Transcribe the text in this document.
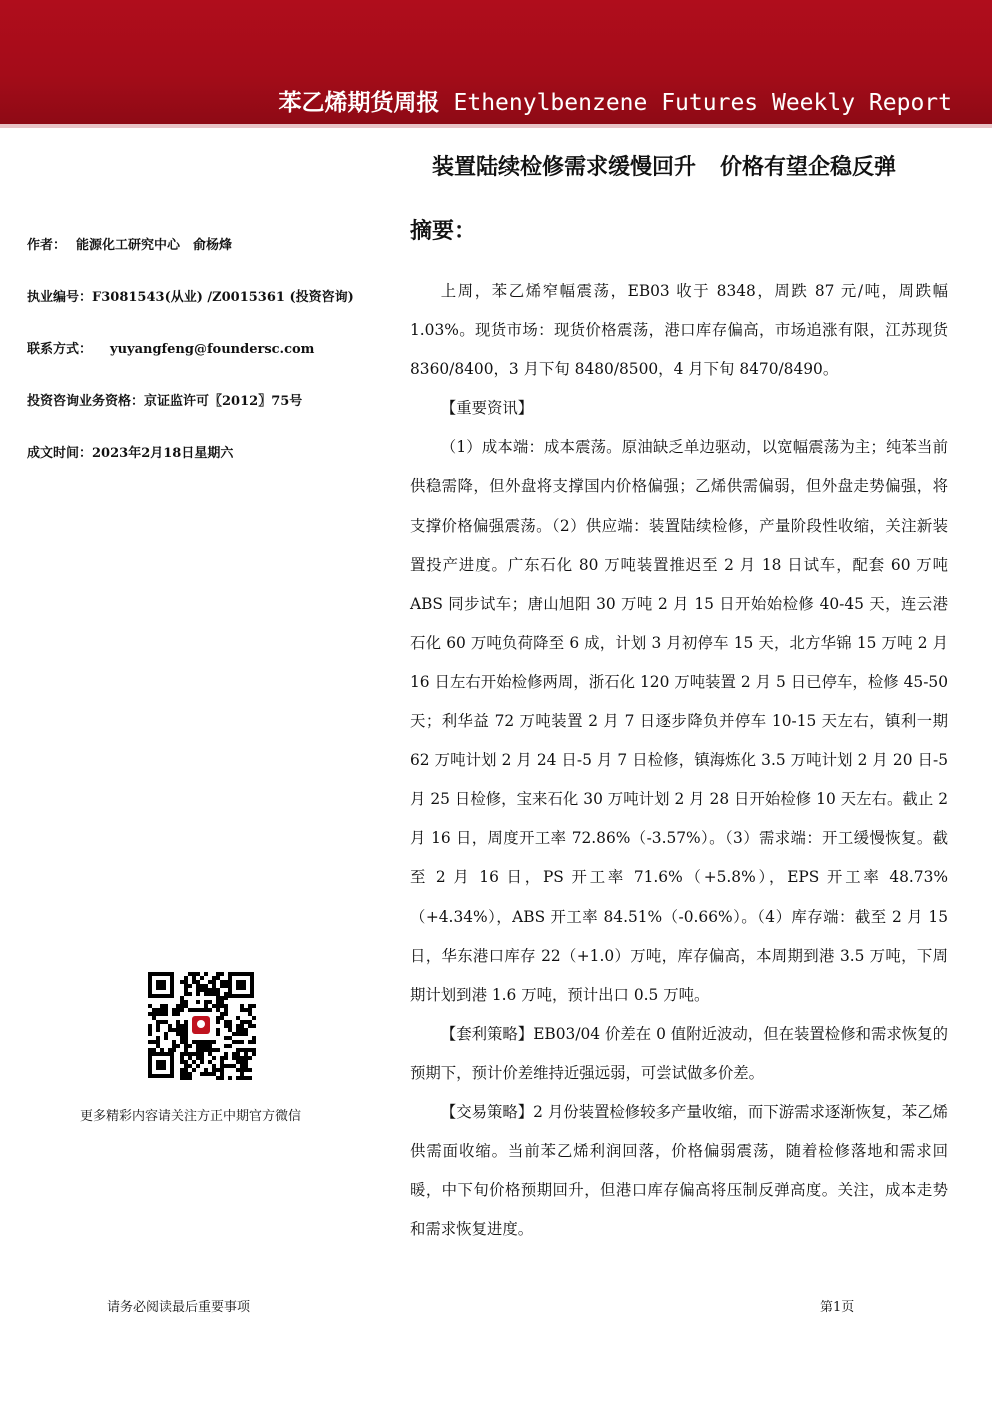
苯乙烯期货周报 Ethenylbenzene Futures Weekly Report
装置陆续检修需求缓慢回升 价格有望企稳反弹
作者： 能源化工研究中心　俞杨烽
执业编号：F3081543(从业) /Z0015361 (投资咨询)
联系方式： yuyangfeng@foundersc.com
投资咨询业务资格：京证监许可〖2012〗75号
成文时间：2023年2月18日星期六
更多精彩内容请关注方正中期官方微信
摘要：

上周，苯乙烯窄幅震荡，EB03 收于 8348，周跌 87 元/吨，周跌幅 1.03%。现货市场：现货价格震荡，港口库存偏高，市场追涨有限，江苏现货 8360/8400，3 月下旬 8480/8500，4 月下旬 8470/8490。

【重要资讯】

（1）成本端：成本震荡。原油缺乏单边驱动，以宽幅震荡为主；纯苯当前供稳需降，但外盘将支撑国内价格偏强；乙烯供需偏弱，但外盘走势偏强，将支撑价格偏强震荡。（2）供应端：装置陆续检修，产量阶段性收缩，关注新装置投产进度。广东石化 80 万吨装置推迟至 2 月 18 日试车，配套 60 万吨 ABS 同步试车；唐山旭阳 30 万吨 2 月 15 日开始始检修 40-45 天，连云港石化 60 万吨负荷降至 6 成，计划 3 月初停车 15 天，北方华锦 15 万吨 2 月 16 日左右开始检修两周，浙石化 120 万吨装置 2 月 5 日已停车，检修 45-50 天；利华益 72 万吨装置 2 月 7 日逐步降负并停车 10-15 天左右，镇利一期 62 万吨计划 2 月 24 日-5 月 7 日检修，镇海炼化 3.5 万吨计划 2 月 20 日-5 月 25 日检修，宝来石化 30 万吨计划 2 月 28 日开始检修 10 天左右。截止 2 月 16 日，周度开工率 72.86%（-3.57%）。（3）需求端：开工缓慢恢复。截至 2 月 16 日，PS 开工率 71.6%（+5.8%），EPS 开工率 48.73%（+4.34%），ABS 开工率 84.51%（-0.66%）。（4）库存端：截至 2 月 15 日，华东港口库存 22（+1.0）万吨，库存偏高，本周期到港 3.5 万吨，下周期计划到港 1.6 万吨，预计出口 0.5 万吨。

【套利策略】EB03/04 价差在 0 值附近波动，但在装置检修和需求恢复的预期下，预计价差维持近强远弱，可尝试做多价差。

【交易策略】2 月份装置检修较多产量收缩，而下游需求逐渐恢复，苯乙烯供需面收缩。当前苯乙烯利润回落，价格偏弱震荡，随着检修落地和需求回暖，中下旬价格预期回升，但港口库存偏高将压制反弹高度。关注，成本走势和需求恢复进度。

请务必阅读最后重要事项	第1页
